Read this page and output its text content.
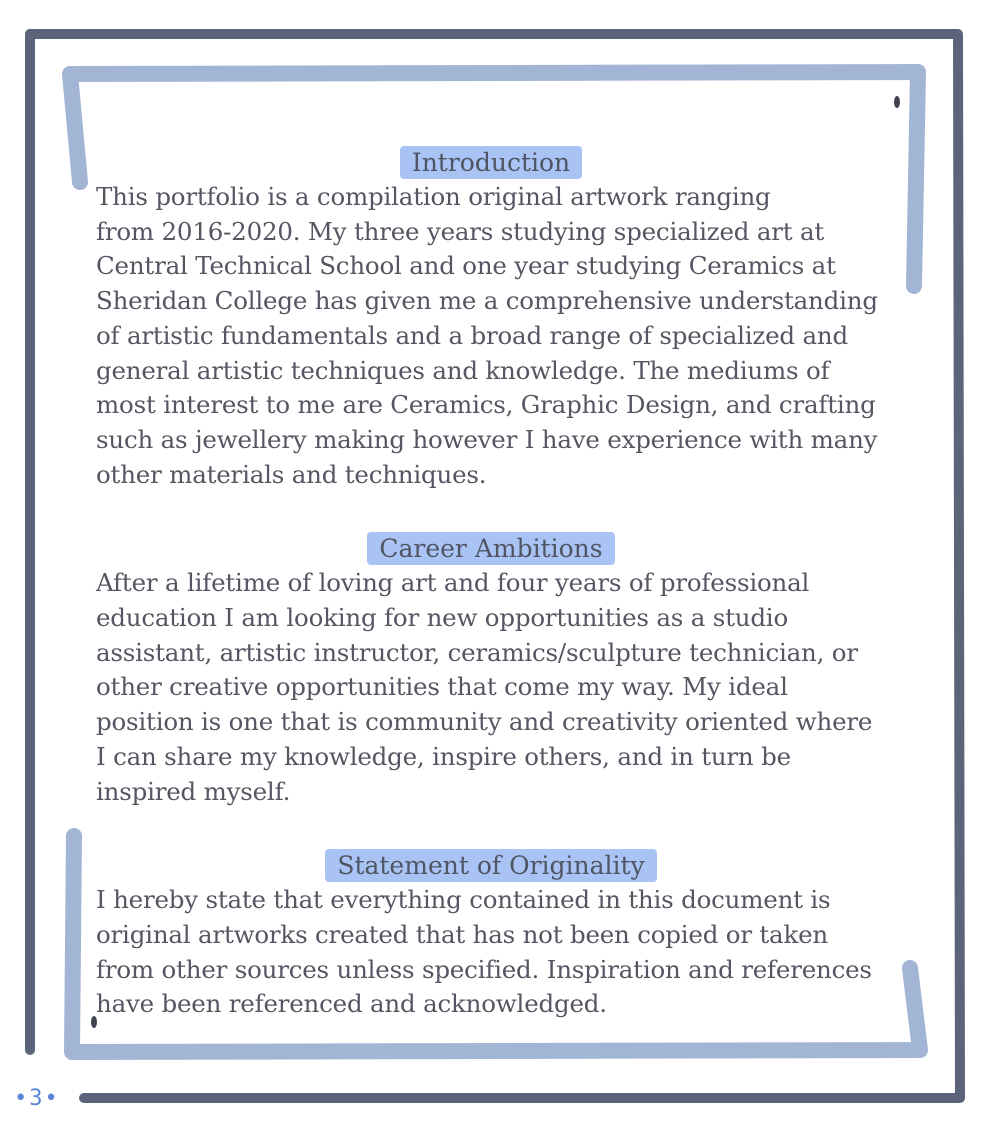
Introduction

This portfolio is a compilation original artwork ranging
from 2016-2020. My three years studying specialized art at
Central Technical School and one year studying Ceramics at
Sheridan College has given me a comprehensive understanding
of artistic fundamentals and a broad range of specialized and
general artistic techniques and knowledge. The mediums of
most interest to me are Ceramics, Graphic Design, and crafting
such as jewellery making however I have experience with many
other materials and techniques.

Career Ambitions

After a lifetime of loving art and four years of professional
education I am looking for new opportunities as a studio
assistant, artistic instructor, ceramics/sculpture technician, or
other creative opportunities that come my way. My ideal
position is one that is community and creativity oriented where
I can share my knowledge, inspire others, and in turn be
inspired myself.

Statement of Originality

I hereby state that everything contained in this document is
original artworks created that has not been copied or taken
from other sources unless specified. Inspiration and references
have been referenced and acknowledged.

•3•
